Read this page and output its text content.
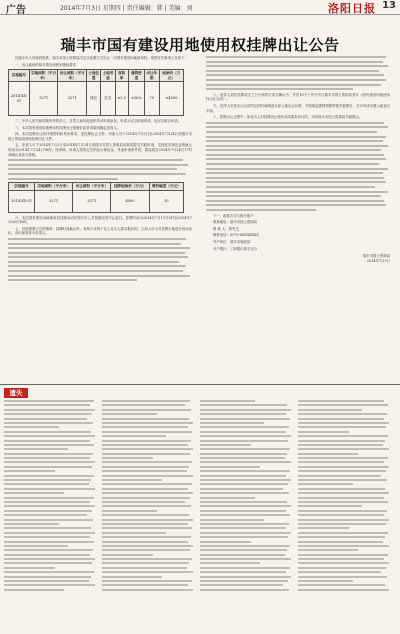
广告	2014年7月3日 星期四 | 责任编辑：韩 | 美编：刘	洛阳日报 13
瑞丰市国有建设用地使用权挂牌出让公告

经瑞丰市人民政府批准，瑞丰市国土资源局决定以挂牌方式出让一宗国有建设用地使用权。现将有关事项公告如下：

一、出让地块的基本情况和规划指标要求

宗地编号	宗地面积（平方米）	出让面积（平方米）	土地位置	土地用途	容积率	建筑密度	出让年限	起始价（万元）
2014-XX-01	3271	3271	城区	住宅	≤2.0	≤30%	70	≤4500

二、中华人民共和国境内外的法人、自然人和其他组织均可申请参加，申请人可以单独申请，也可以联合申请。

三、本次国有建设用地使用权挂牌出让按照价高者得原则确定竞得人。

四、本次挂牌出让的详细资料和具体要求，见挂牌出让文件。申请人可于2014年7月3日至2014年7月24日到瑞丰市国土资源局获取挂牌出让文件。

五、申请人可于2014年7月3日至2014年7月24日到瑞丰市国土资源局向我局提交书面申请。交纳竞买保证金的截止时间为2014年7月24日16时。经审核，申请人按规定交纳竞买保证金，具备申请条件的，我局将在2014年7月24日17时前确认其竞买资格。

宗地编号	宗地面积（平方米）	出让面积（平方米）	挂牌起始价（万元）	增价幅度（万元）
2014-XX-01	3271	3271	4500	10

六、本次国有建设用地使用权挂牌活动在瑞丰市公共资源交易中心进行。挂牌时间为2014年7月15日8时至2014年7月26日10时。

七、其他需要公告的事项：挂牌时间截止时，有两个或两个以上竞买人要求报价的，主持人应当对挂牌宗地进行现场竞价，出价最高者为竞得人。

八、竞得人须在挂牌成交之日当场签订成交确认书，并在10个工作日内与瑞丰市国土资源局签订《国有建设用地使用权出让合同》。

九、竞得人应按出让合同约定的时间缴清全部土地出让价款，并按规定缴纳契税等相关税费后，方可申请办理土地登记手续。

十、挂牌出让过程中，如竞买人对挂牌出让程序或结果有异议的，可向瑞丰市国土资源局书面提出。

十一、联系方式与银行账户

联系地址：瑞丰市国土资源局

联 系 人：张先生

联系电话：0379-6XXXXXXX

开户单位：瑞丰市财政局

开户银行：工商银行瑞丰支行

瑞丰市国土资源局
2014年7月3日
遗失
